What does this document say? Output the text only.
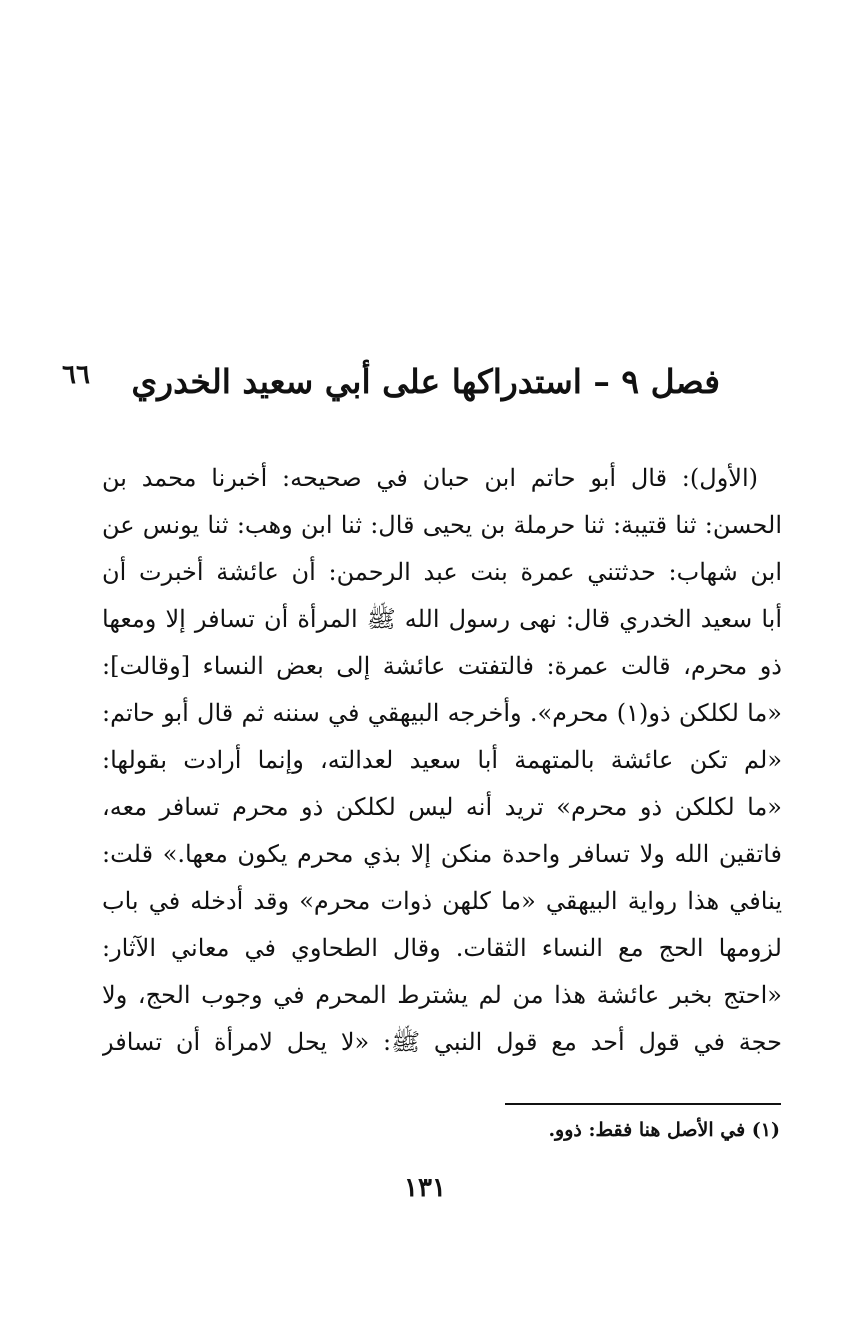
فصل ٩ – استدراكها على أبي سعيد الخدري
٦٦
(الأول): قال أبو حاتم ابن حبان في صحيحه: أخبرنا محمد بن
الحسن: ثنا قتيبة: ثنا حرملة بن يحيى قال: ثنا ابن وهب: ثنا يونس عن
ابن شهاب: حدثتني عمرة بنت عبد الرحمن: أن عائشة أخبرت أن
أبا سعيد الخدري قال: نهى رسول الله ﷺ المرأة أن تسافر إلا ومعها
ذو محرم، قالت عمرة: فالتفتت عائشة إلى بعض النساء [وقالت]:
«ما لكلكن ذو(١) محرم». وأخرجه البيهقي في سننه ثم قال أبو حاتم:
«لم تكن عائشة بالمتهمة أبا سعيد لعدالته، وإنما أرادت بقولها:
«ما لكلكن ذو محرم» تريد أنه ليس لكلكن ذو محرم تسافر معه،
فاتقين الله ولا تسافر واحدة منكن إلا بذي محرم يكون معها.» قلت:
ينافي هذا رواية البيهقي «ما كلهن ذوات محرم» وقد أدخله في باب
لزومها الحج مع النساء الثقات. وقال الطحاوي في معاني الآثار:
«احتج بخبر عائشة هذا من لم يشترط المحرم في وجوب الحج، ولا
حجة في قول أحد مع قول النبي ﷺ: «لا يحل لامرأة أن تسافر
(١) في الأصل هنا فقط: ذوو.
١٣١
